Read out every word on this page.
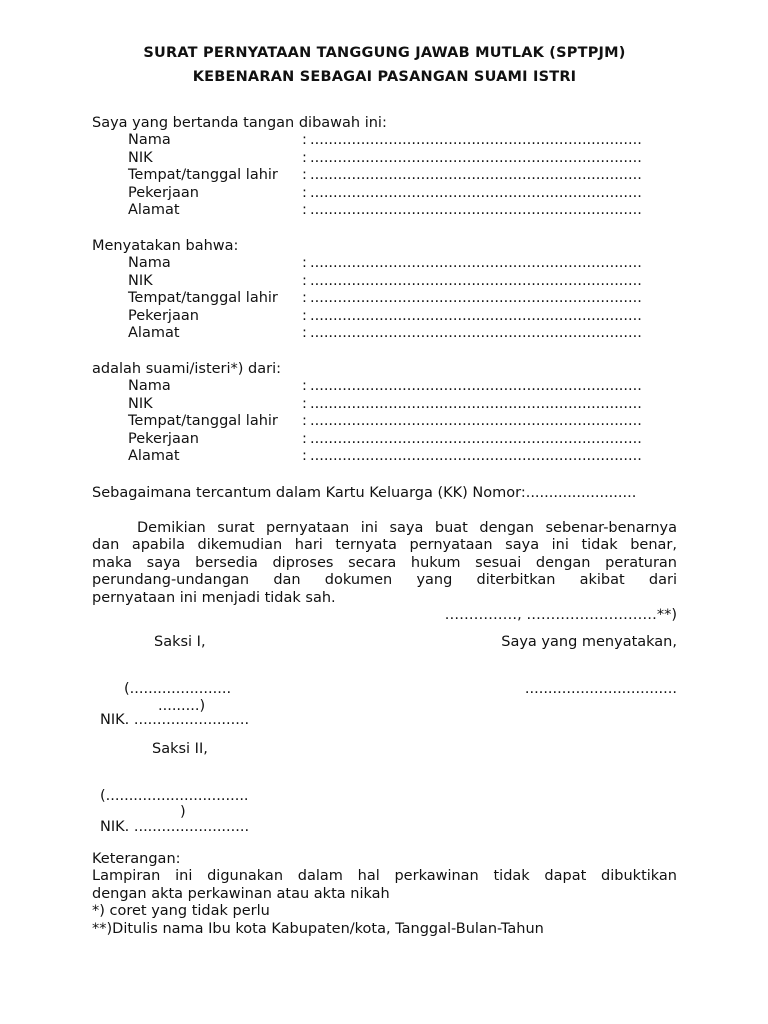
SURAT PERNYATAAN TANGGUNG JAWAB MUTLAK (SPTPJM)
KEBENARAN SEBAGAI PASANGAN SUAMI ISTRI
Saya yang bertanda tangan dibawah ini:
Nama	: ........................................................................
NIK	: ........................................................................
Tempat/tanggal lahir : ........................................................................
Pekerjaan	: ........................................................................
Alamat	: ........................................................................
Menyatakan bahwa:
Nama	: ........................................................................
NIK	: ........................................................................
Tempat/tanggal lahir : ........................................................................
Pekerjaan	: ........................................................................
Alamat	: ........................................................................
adalah suami/isteri*) dari:
Nama	: ........................................................................
NIK	: ........................................................................
Tempat/tanggal lahir : ........................................................................
Pekerjaan	: ........................................................................
Alamat	: ........................................................................
Sebagaimana tercantum dalam Kartu Keluarga (KK) Nomor:........................
Demikian surat pernyataan ini saya buat dengan sebenar-benarnya
dan apabila dikemudian hari ternyata pernyataan saya ini tidak benar,
maka saya bersedia diproses secara hukum sesuai dengan peraturan
perundang-undangan dan dokumen yang diterbitkan akibat dari
pernyataan ini menjadi tidak sah.
……………, ………………………**)
Saksi I,	Saya yang menyatakan,
(......................	.................................
.........)
NIK. .........................
Saksi II,
(...............................
)
NIK. .........................
Keterangan:
Lampiran ini digunakan dalam hal perkawinan tidak dapat dibuktikan
dengan akta perkawinan atau akta nikah
*) coret yang tidak perlu
**)Ditulis nama Ibu kota Kabupaten/kota, Tanggal-Bulan-Tahun
